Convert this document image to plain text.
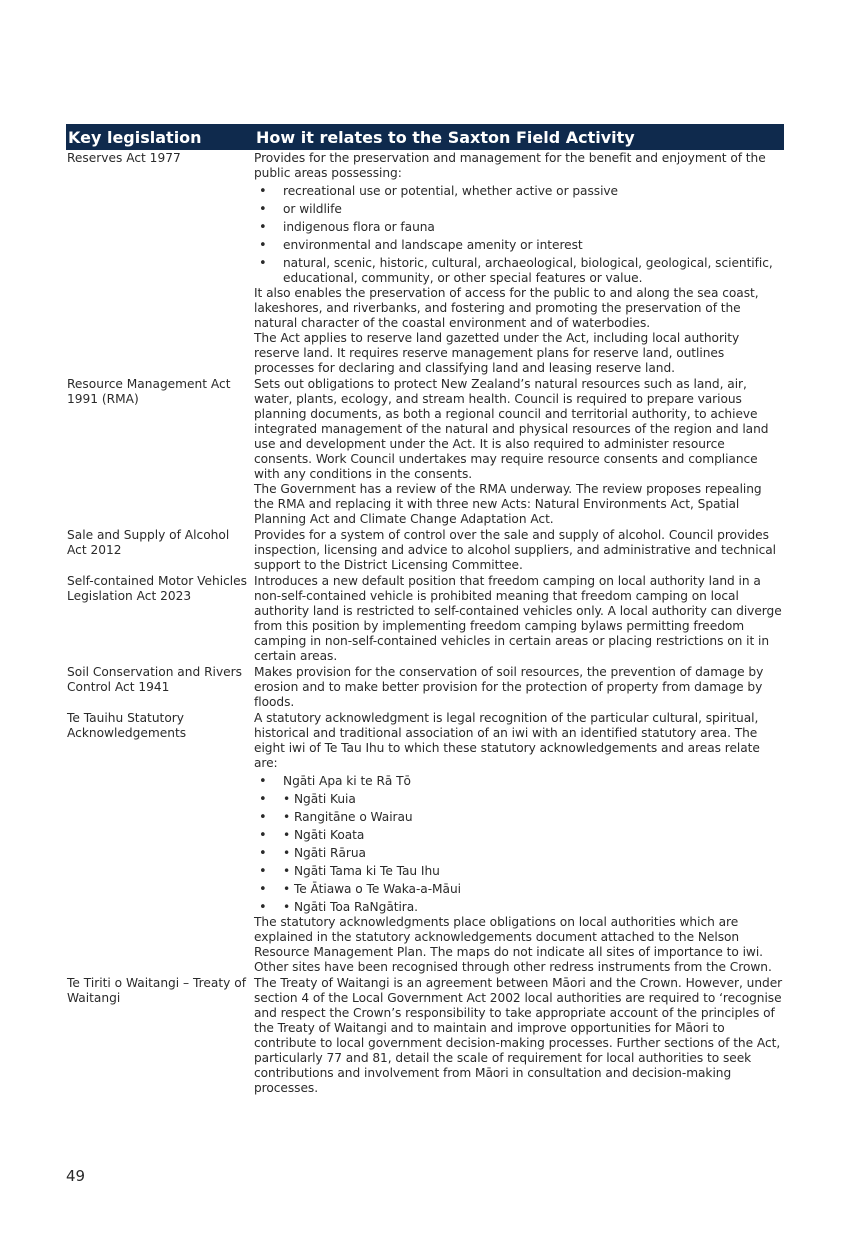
Key legislation	How it relates to the Saxton Field Activity
Reserves Act 1977	Provides for the preservation and management for the benefit and enjoyment of the public areas possessing:

• recreational use or potential, whether active or passive
• or wildlife
• indigenous flora or fauna
• environmental and landscape amenity or interest
• natural, scenic, historic, cultural, archaeological, biological, geological, scientific, educational, community, or other special features or value.

It also enables the preservation of access for the public to and along the sea coast, lakeshores, and riverbanks, and fostering and promoting the preservation of the natural character of the coastal environment and of waterbodies.

The Act applies to reserve land gazetted under the Act, including local authority reserve land. It requires reserve management plans for reserve land, outlines processes for declaring and classifying land and leasing reserve land.

Resource Management Act 1991 (RMA)

Sets out obligations to protect New Zealand’s natural resources such as land, air, water, plants, ecology, and stream health. Council is required to prepare various planning documents, as both a regional council and territorial authority, to achieve integrated management of the natural and physical resources of the region and land use and development under the Act. It is also required to administer resource consents. Work Council undertakes may require resource consents and compliance with any conditions in the consents.

The Government has a review of the RMA underway. The review proposes repealing the RMA and replacing it with three new Acts: Natural Environments Act, Spatial Planning Act and Climate Change Adaptation Act.

Sale and Supply of Alcohol Act 2012

Provides for a system of control over the sale and supply of alcohol. Council provides inspection, licensing and advice to alcohol suppliers, and administrative and technical support to the District Licensing Committee.

Self-contained Motor Vehicles Legislation Act 2023

Introduces a new default position that freedom camping on local authority land in a non-self-contained vehicle is prohibited meaning that freedom camping on local authority land is restricted to self-contained vehicles only. A local authority can diverge from this position by implementing freedom camping bylaws permitting freedom camping in non-self-contained vehicles in certain areas or placing restrictions on it in certain areas.

Soil Conservation and Rivers Control Act 1941

Makes provision for the conservation of soil resources, the prevention of damage by erosion and to make better provision for the protection of property from damage by floods.

Te Tauihu Statutory Acknowledgements

A statutory acknowledgment is legal recognition of the particular cultural, spiritual, historical and traditional association of an iwi with an identified statutory area. The eight iwi of Te Tau Ihu to which these statutory acknowledgements and areas relate are:

• Ngāti Apa ki te Rā Tō
• • Ngāti Kuia
• • Rangitāne o Wairau
• • Ngāti Koata
• • Ngāti Rārua
• • Ngāti Tama ki Te Tau Ihu
• • Te Ātiawa o Te Waka-a-Māui
• • Ngāti Toa RaNgātira.

The statutory acknowledgments place obligations on local authorities which are explained in the statutory acknowledgements document attached to the Nelson Resource Management Plan. The maps do not indicate all sites of importance to iwi. Other sites have been recognised through other redress instruments from the Crown.

Te Tiriti o Waitangi – Treaty of Waitangi

The Treaty of Waitangi is an agreement between Māori and the Crown. However, under section 4 of the Local Government Act 2002 local authorities are required to ‘recognise and respect the Crown’s responsibility to take appropriate account of the principles of the Treaty of Waitangi and to maintain and improve opportunities for Māori to contribute to local government decision-making processes. Further sections of the Act, particularly 77 and 81, detail the scale of requirement for local authorities to seek contributions and involvement from Māori in consultation and decision-making processes.

49
